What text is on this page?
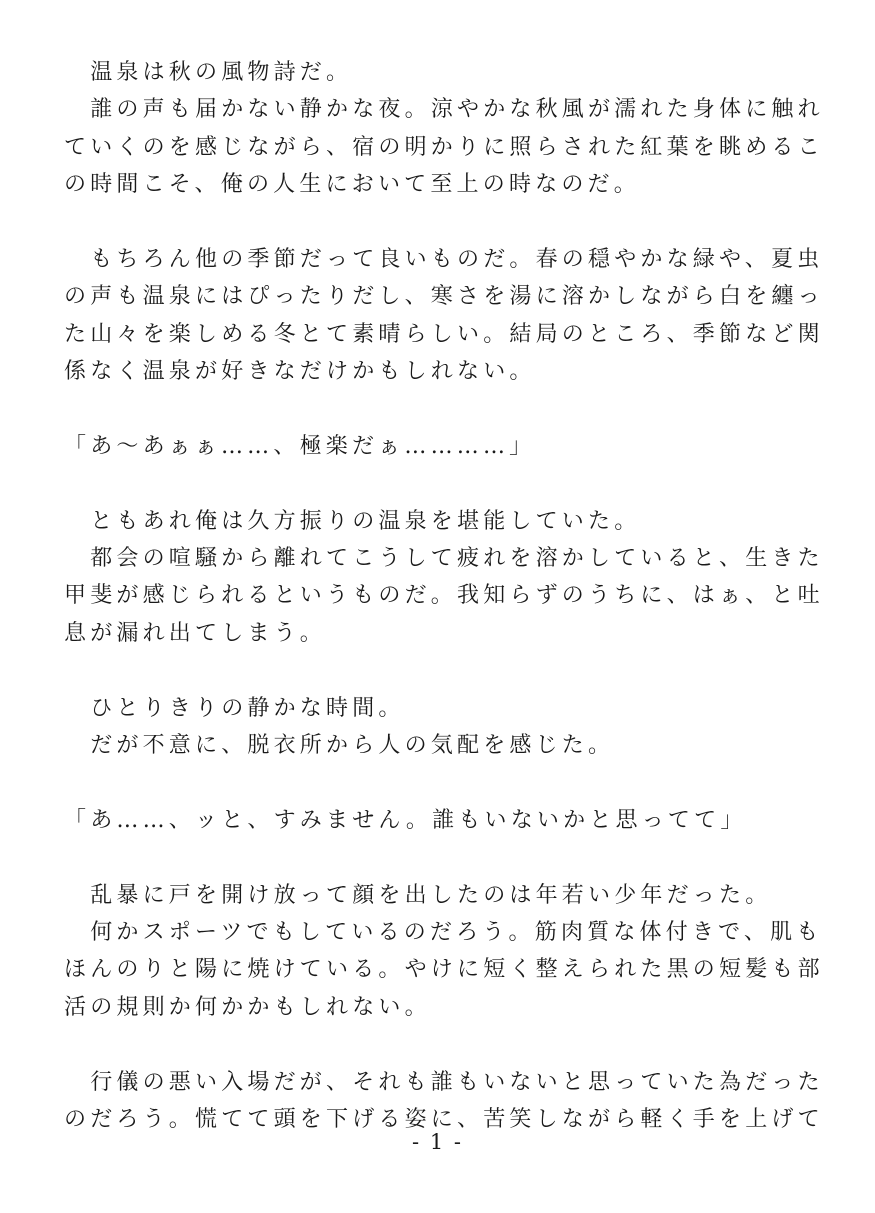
　温泉は秋の風物詩だ。
　誰の声も届かない静かな夜。涼やかな秋風が濡れた身体に触れ
ていくのを感じながら、宿の明かりに照らされた紅葉を眺めるこ
の時間こそ、俺の人生において至上の時なのだ。
　もちろん他の季節だって良いものだ。春の穏やかな緑や、夏虫
の声も温泉にはぴったりだし、寒さを湯に溶かしながら白を纏っ
た山々を楽しめる冬とて素晴らしい。結局のところ、季節など関
係なく温泉が好きなだけかもしれない。
「あ〜あぁぁ……、極楽だぁ…………」
　ともあれ俺は久方振りの温泉を堪能していた。
　都会の喧騒から離れてこうして疲れを溶かしていると、生きた
甲斐が感じられるというものだ。我知らずのうちに、はぁ、と吐
息が漏れ出てしまう。
　ひとりきりの静かな時間。
　だが不意に、脱衣所から人の気配を感じた。
「あ……、ッと、すみません。誰もいないかと思ってて」
　乱暴に戸を開け放って顔を出したのは年若い少年だった。
　何かスポーツでもしているのだろう。筋肉質な体付きで、肌も
ほんのりと陽に焼けている。やけに短く整えられた黒の短髪も部
活の規則か何かかもしれない。
　行儀の悪い入場だが、それも誰もいないと思っていた為だった
のだろう。慌てて頭を下げる姿に、苦笑しながら軽く手を上げて
- 1 -
